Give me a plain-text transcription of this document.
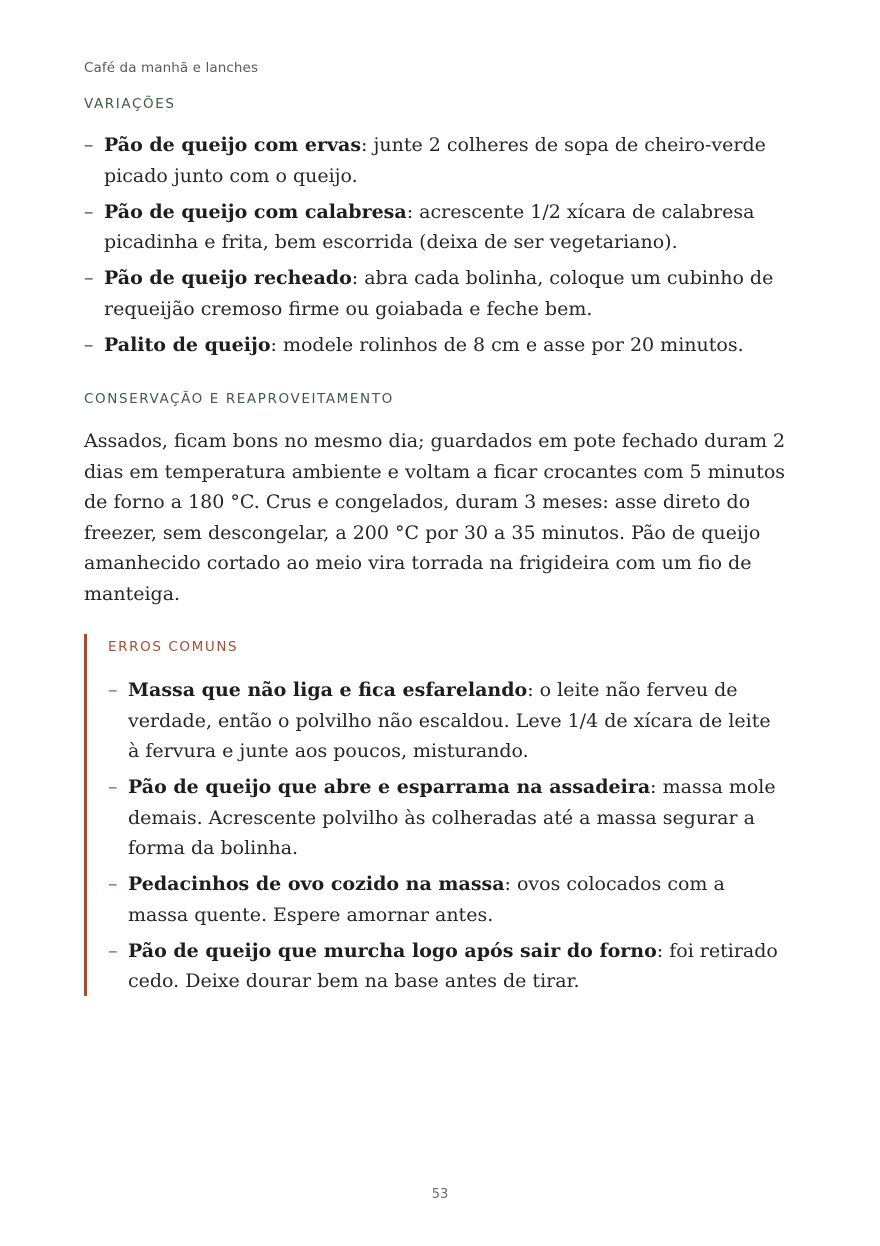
Café da manhã e lanches
VARIAÇÕES
– Pão de queijo com ervas: junte 2 colheres de sopa de cheiro-verde picado junto com o queijo.
– Pão de queijo com calabresa: acrescente 1/2 xícara de calabresa picadinha e frita, bem escorrida (deixa de ser vegetariano).
– Pão de queijo recheado: abra cada bolinha, coloque um cubinho de requeijão cremoso firme ou goiabada e feche bem.
– Palito de queijo: modele rolinhos de 8 cm e asse por 20 minutos.
CONSERVAÇÃO E REAPROVEITAMENTO

Assados, ficam bons no mesmo dia; guardados em pote fechado duram 2 dias em temperatura ambiente e voltam a ficar crocantes com 5 minutos de forno a 180 °C. Crus e congelados, duram 3 meses: asse direto do freezer, sem descongelar, a 200 °C por 30 a 35 minutos. Pão de queijo amanhecido cortado ao meio vira torrada na frigideira com um fio de manteiga.

ERROS COMUNS
– Massa que não liga e fica esfarelando: o leite não ferveu de verdade, então o polvilho não escaldou. Leve 1/4 de xícara de leite à fervura e junte aos poucos, misturando.
– Pão de queijo que abre e esparrama na assadeira: massa mole demais. Acrescente polvilho às colheradas até a massa segurar a forma da bolinha.
– Pedacinhos de ovo cozido na massa: ovos colocados com a massa quente. Espere amornar antes.
– Pão de queijo que murcha logo após sair do forno: foi retirado cedo. Deixe dourar bem na base antes de tirar.
53
